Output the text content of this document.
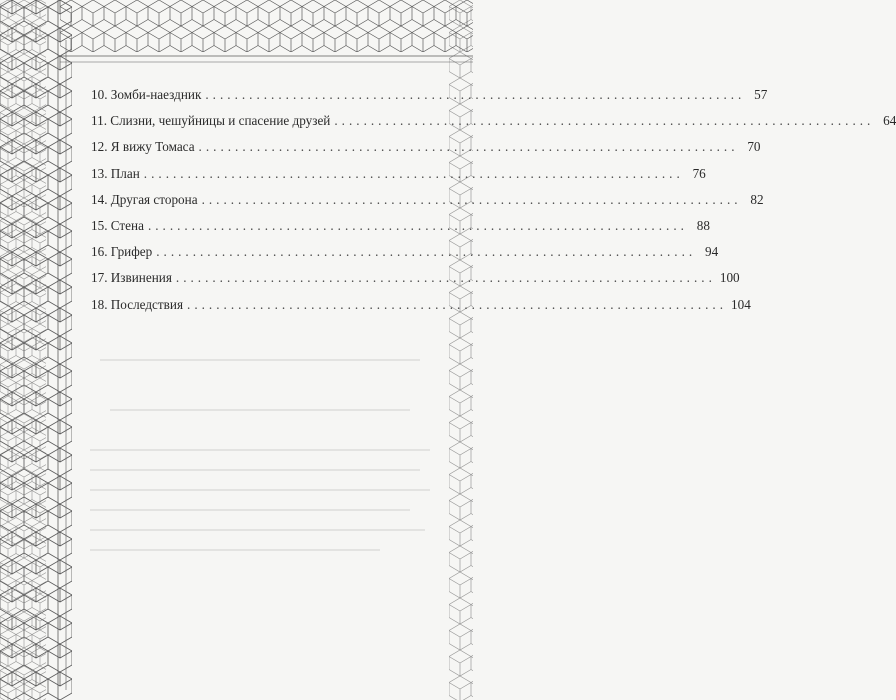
10. Зомби-наездник .......................................................................... 57
11. Слизни, чешуйницы и спасение друзей .......................................................................... 64
12. Я вижу Томаса .......................................................................... 70
13. План .......................................................................... 76
14. Другая сторона .......................................................................... 82
15. Стена .......................................................................... 88
16. Грифер .......................................................................... 94
17. Извинения .......................................................................... 100
18. Последствия .......................................................................... 104
